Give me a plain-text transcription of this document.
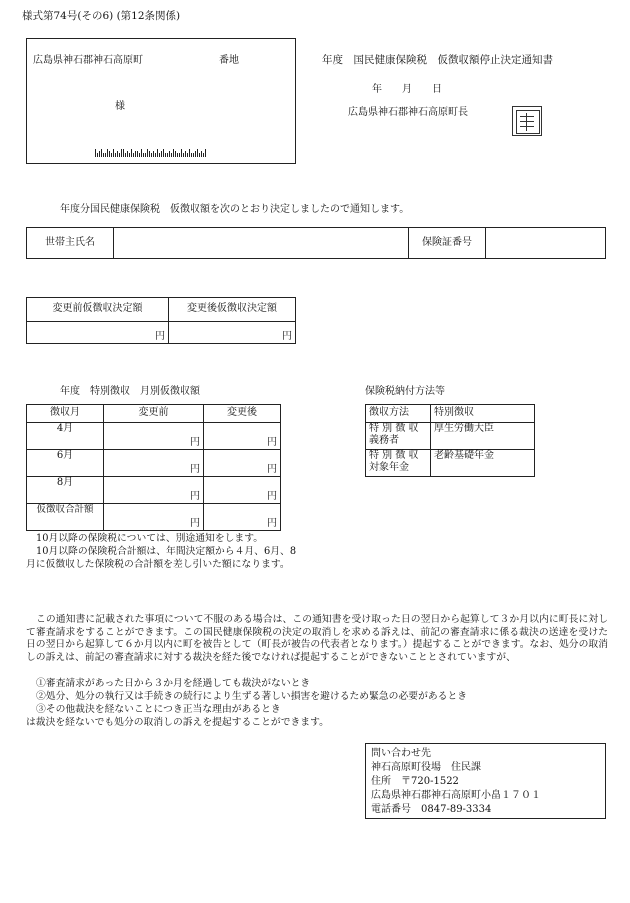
様式第74号(その6) (第12条関係)
広島県神石郡神石高原町	番地
様
年度　国民健康保険税　仮徴収額停止決定通知書
年　　月　　日
広島県神石郡神石高原町長
年度分国民健康保険税　仮徴収額を次のとおり決定しましたので通知します。
世帯主氏名		保険証番号	
変更前仮徴収決定額	変更後仮徴収決定額
円	円
年度　特別徴収　月別仮徴収額
徴収月	変更前	変更後
4月	円	円
6月	円	円
8月	円	円
仮徴収合計額	円	円
保険税納付方法等
徴収方法	特別徴収
特 別 徴 収 義務者	厚生労働大臣
特 別 徴 収 対象年金	老齢基礎年金
10月以降の保険税については、別途通知をします。
10月以降の保険税合計額は、年間決定額から４月、6月、8月に仮徴収した保険税の合計額を差し引いた額になります。
この通知書に記載された事項について不服のある場合は、この通知書を受け取った日の翌日から起算して３か月以内に町長に対して審査請求をすることができます。この国民健康保険税の決定の取消しを求める訴えは、前記の審査請求に係る裁決の送達を受けた日の翌日から起算して６か月以内に町を被告として（町長が被告の代表者となります。）提起することができます。なお、処分の取消しの訴えは、前記の審査請求に対する裁決を経た後でなければ提起することができないこととされていますが、
①審査請求があった日から３か月を経過しても裁決がないとき
②処分、処分の執行又は手続きの続行により生ずる著しい損害を避けるため緊急の必要があるとき
③その他裁決を経ないことにつき正当な理由があるとき
は裁決を経ないでも処分の取消しの訴えを提起することができます。
問い合わせ先
神石高原町役場　住民課
住所　〒720-1522
広島県神石郡神石高原町小畠１７０１
電話番号　0847-89-3334
